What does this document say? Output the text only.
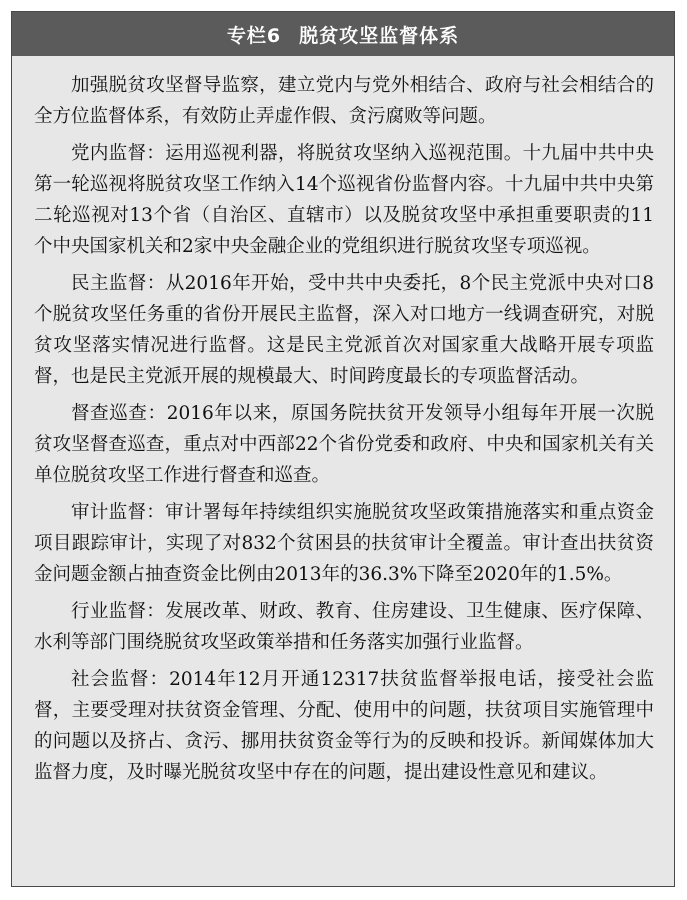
专栏6 脱贫攻坚监督体系

加强脱贫攻坚督导监察，建立党内与党外相结合、政府与社会相结合的全方位监督体系，有效防止弄虚作假、贪污腐败等问题。

党内监督：运用巡视利器，将脱贫攻坚纳入巡视范围。十九届中共中央第一轮巡视将脱贫攻坚工作纳入14个巡视省份监督内容。十九届中共中央第二轮巡视对13个省（自治区、直辖市）以及脱贫攻坚中承担重要职责的11个中央国家机关和2家中央金融企业的党组织进行脱贫攻坚专项巡视。

民主监督：从2016年开始，受中共中央委托，8个民主党派中央对口8个脱贫攻坚任务重的省份开展民主监督，深入对口地方一线调查研究，对脱贫攻坚落实情况进行监督。这是民主党派首次对国家重大战略开展专项监督，也是民主党派开展的规模最大、时间跨度最长的专项监督活动。

督查巡查：2016年以来，原国务院扶贫开发领导小组每年开展一次脱贫攻坚督查巡查，重点对中西部22个省份党委和政府、中央和国家机关有关单位脱贫攻坚工作进行督查和巡查。

审计监督：审计署每年持续组织实施脱贫攻坚政策措施落实和重点资金项目跟踪审计，实现了对832个贫困县的扶贫审计全覆盖。审计查出扶贫资金问题金额占抽查资金比例由2013年的36.3%下降至2020年的1.5%。

行业监督：发展改革、财政、教育、住房建设、卫生健康、医疗保障、水利等部门围绕脱贫攻坚政策举措和任务落实加强行业监督。

社会监督：2014年12月开通12317扶贫监督举报电话，接受社会监督，主要受理对扶贫资金管理、分配、使用中的问题，扶贫项目实施管理中的问题以及挤占、贪污、挪用扶贫资金等行为的反映和投诉。新闻媒体加大监督力度，及时曝光脱贫攻坚中存在的问题，提出建设性意见和建议。
